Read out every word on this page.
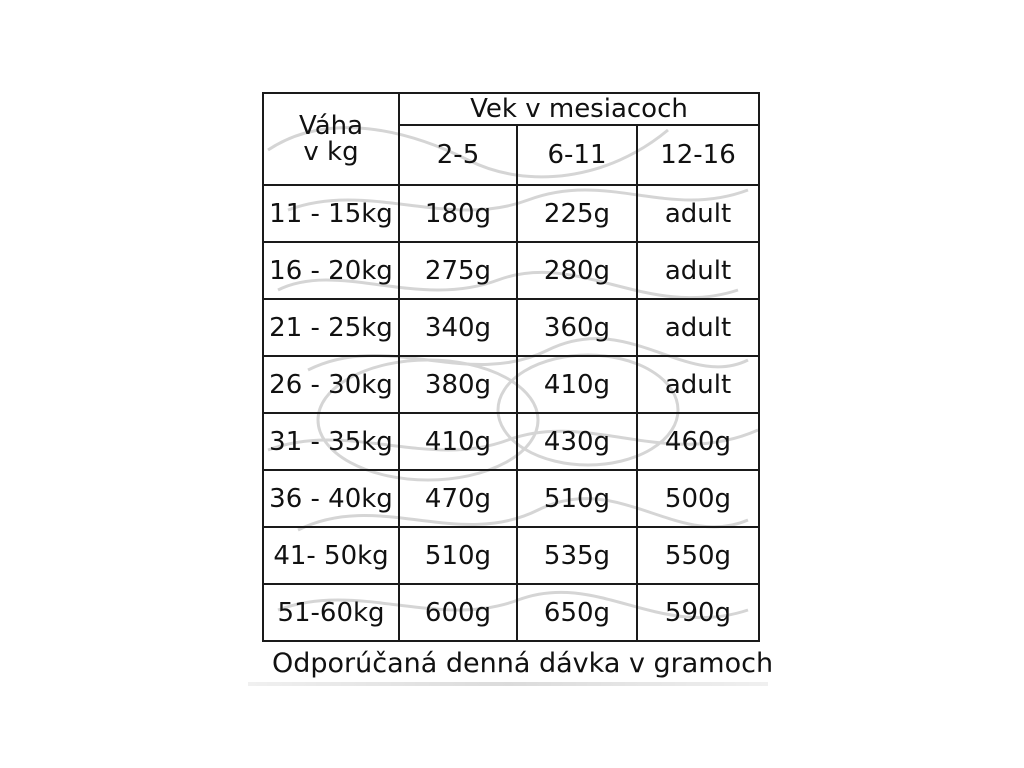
Váha
v kg	Vek v mesiacoch		
	2-5	6-11	12-16
11 - 15kg	180g	225g	adult
16 - 20kg	275g	280g	adult
21 - 25kg	340g	360g	adult
26 - 30kg	380g	410g	adult
31 - 35kg	410g	430g	460g
36 - 40kg	470g	510g	500g
41- 50kg	510g	535g	550g
51-60kg	600g	650g	590g
Odporúčaná denná dávka v gramoch
